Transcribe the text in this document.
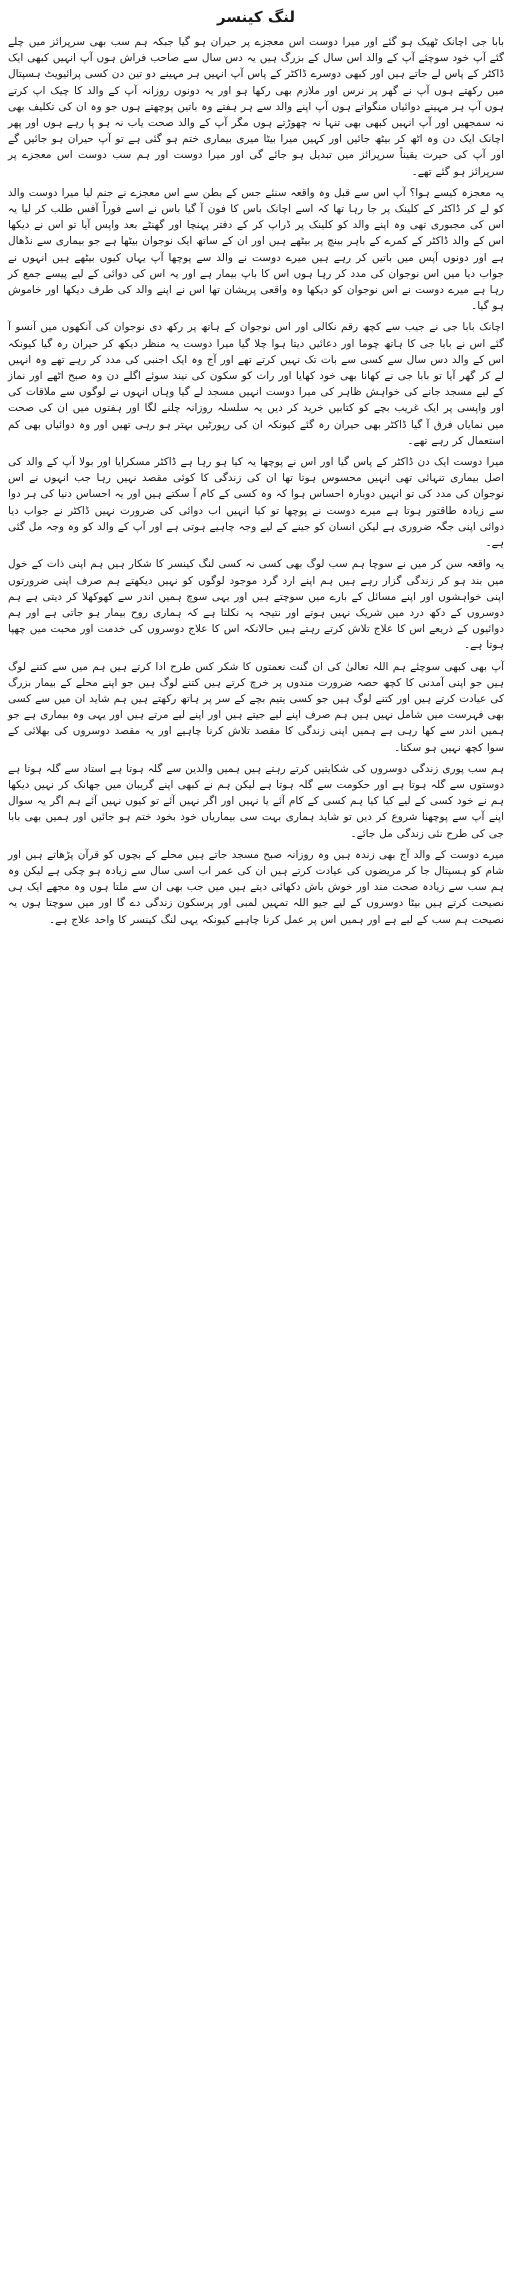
لنگ کینسر

بابا جی اچانک ٹھیک ہو گئے اور میرا دوست اس معجزے پر حیران ہو گیا جبکہ ہم سب بھی سرپرائز میں چلے گئے آپ خود سوچئے آپ کے والد اس سال کے بزرگ ہیں یہ دس سال سے صاحب فراش ہوں آپ انہیں کبھی ایک ڈاکٹر کے پاس لے جاتے ہیں اور کبھی دوسرے ڈاکٹر کے پاس آپ انہیں ہر مہینے دو تین دن کسی پرائیویٹ ہسپتال میں رکھتے ہوں آپ نے گھر پر نرس اور ملازم بھی رکھا ہو اور یہ دونوں روزانہ آپ کے والد کا چیک اپ کرتے ہوں آپ ہر مہینے دوائیاں منگواتے ہوں آپ اپنے والد سے ہر ہفتے وہ باتیں پوچھتے ہوں جو وہ ان کی تکلیف بھی نہ سمجھیں اور آپ انہیں کبھی بھی تنہا نہ چھوڑتے ہوں مگر آپ کے والد صحت یاب نہ ہو پا رہے ہوں اور پھر اچانک ایک دن وہ اٹھ کر بیٹھ جائیں اور کہیں میرا بیٹا میری بیماری ختم ہو گئی ہے تو آپ حیران ہو جائیں گے اور آپ کی حیرت یقیناً سرپرائز میں تبدیل ہو جائے گی اور میرا دوست اور ہم سب دوست اس معجزے پر سرپرائز ہو گئے تھے۔

یہ معجزہ کیسے ہوا؟ آپ اس سے قبل وہ واقعہ سنئے جس کے بطن سے اس معجزے نے جنم لیا میرا دوست والد کو لے کر ڈاکٹر کے کلینک پر جا رہا تھا کہ اسے اچانک باس کا فون آ گیا باس نے اسے فوراً آفس طلب کر لیا یہ اس کی مجبوری تھی وہ اپنے والد کو کلینک پر ڈراپ کر کے دفتر پہنچا اور گھنٹے بعد واپس آیا تو اس نے دیکھا اس کے والد ڈاکٹر کے کمرے کے باہر بینچ پر بیٹھے ہیں اور ان کے ساتھ ایک نوجوان بیٹھا ہے جو بیماری سے نڈھال ہے اور دونوں آپس میں باتیں کر رہے ہیں میرے دوست نے والد سے پوچھا آپ یہاں کیوں بیٹھے ہیں انہوں نے جواب دیا میں اس نوجوان کی مدد کر رہا ہوں اس کا باپ بیمار ہے اور یہ اس کی دوائی کے لیے پیسے جمع کر رہا ہے میرے دوست نے اس نوجوان کو دیکھا وہ واقعی پریشان تھا اس نے اپنے والد کی طرف دیکھا اور خاموش ہو گیا۔

اچانک بابا جی نے جیب سے کچھ رقم نکالی اور اس نوجوان کے ہاتھ پر رکھ دی نوجوان کی آنکھوں میں آنسو آ گئے اس نے بابا جی کا ہاتھ چوما اور دعائیں دیتا ہوا چلا گیا میرا دوست یہ منظر دیکھ کر حیران رہ گیا کیونکہ اس کے والد دس سال سے کسی سے بات تک نہیں کرتے تھے اور آج وہ ایک اجنبی کی مدد کر رہے تھے وہ انہیں لے کر گھر آیا تو بابا جی نے کھانا بھی خود کھایا اور رات کو سکون کی نیند سوئے اگلے دن وہ صبح اٹھے اور نماز کے لیے مسجد جانے کی خواہش ظاہر کی میرا دوست انہیں مسجد لے گیا وہاں انہوں نے لوگوں سے ملاقات کی اور واپسی پر ایک غریب بچے کو کتابیں خرید کر دیں یہ سلسلہ روزانہ چلنے لگا اور ہفتوں میں ان کی صحت میں نمایاں فرق آ گیا ڈاکٹر بھی حیران رہ گئے کیونکہ ان کی رپورٹیں بہتر ہو رہی تھیں اور وہ دوائیاں بھی کم استعمال کر رہے تھے۔

میرا دوست ایک دن ڈاکٹر کے پاس گیا اور اس نے پوچھا یہ کیا ہو رہا ہے ڈاکٹر مسکرایا اور بولا آپ کے والد کی اصل بیماری تنہائی تھی انہیں محسوس ہوتا تھا ان کی زندگی کا کوئی مقصد نہیں رہا جب انہوں نے اس نوجوان کی مدد کی تو انہیں دوبارہ احساس ہوا کہ وہ کسی کے کام آ سکتے ہیں اور یہ احساس دنیا کی ہر دوا سے زیادہ طاقتور ہوتا ہے میرے دوست نے پوچھا تو کیا انہیں اب دوائی کی ضرورت نہیں ڈاکٹر نے جواب دیا دوائی اپنی جگہ ضروری ہے لیکن انسان کو جینے کے لیے وجہ چاہیے ہوتی ہے اور آپ کے والد کو وہ وجہ مل گئی ہے۔

یہ واقعہ سن کر میں نے سوچا ہم سب لوگ بھی کسی نہ کسی لنگ کینسر کا شکار ہیں ہم اپنی ذات کے خول میں بند ہو کر زندگی گزار رہے ہیں ہم اپنے ارد گرد موجود لوگوں کو نہیں دیکھتے ہم صرف اپنی ضرورتوں اپنی خواہشوں اور اپنے مسائل کے بارے میں سوچتے ہیں اور یہی سوچ ہمیں اندر سے کھوکھلا کر دیتی ہے ہم دوسروں کے دکھ درد میں شریک نہیں ہوتے اور نتیجہ یہ نکلتا ہے کہ ہماری روح بیمار ہو جاتی ہے اور ہم دوائیوں کے ذریعے اس کا علاج تلاش کرتے رہتے ہیں حالانکہ اس کا علاج دوسروں کی خدمت اور محبت میں چھپا ہوتا ہے۔

آپ بھی کبھی سوچئے ہم اللہ تعالیٰ کی ان گنت نعمتوں کا شکر کس طرح ادا کرتے ہیں ہم میں سے کتنے لوگ ہیں جو اپنی آمدنی کا کچھ حصہ ضرورت مندوں پر خرچ کرتے ہیں کتنے لوگ ہیں جو اپنے محلے کے بیمار بزرگ کی عیادت کرتے ہیں اور کتنے لوگ ہیں جو کسی یتیم بچے کے سر پر ہاتھ رکھتے ہیں ہم شاید ان میں سے کسی بھی فہرست میں شامل نہیں ہیں ہم صرف اپنے لیے جیتے ہیں اور اپنے لیے مرتے ہیں اور یہی وہ بیماری ہے جو ہمیں اندر سے کھا رہی ہے ہمیں اپنی زندگی کا مقصد تلاش کرنا چاہیے اور یہ مقصد دوسروں کی بھلائی کے سوا کچھ نہیں ہو سکتا۔

ہم سب پوری زندگی دوسروں کی شکایتیں کرتے رہتے ہیں ہمیں والدین سے گلہ ہوتا ہے استاد سے گلہ ہوتا ہے دوستوں سے گلہ ہوتا ہے اور حکومت سے گلہ ہوتا ہے لیکن ہم نے کبھی اپنے گریبان میں جھانک کر نہیں دیکھا ہم نے خود کسی کے لیے کیا کیا ہم کسی کے کام آئے یا نہیں اور اگر نہیں آئے تو کیوں نہیں آئے ہم اگر یہ سوال اپنے آپ سے پوچھنا شروع کر دیں تو شاید ہماری بہت سی بیماریاں خود بخود ختم ہو جائیں اور ہمیں بھی بابا جی کی طرح نئی زندگی مل جائے۔

میرے دوست کے والد آج بھی زندہ ہیں وہ روزانہ صبح مسجد جاتے ہیں محلے کے بچوں کو قرآن پڑھاتے ہیں اور شام کو ہسپتال جا کر مریضوں کی عیادت کرتے ہیں ان کی عمر اب اسی سال سے زیادہ ہو چکی ہے لیکن وہ ہم سب سے زیادہ صحت مند اور خوش باش دکھائی دیتے ہیں میں جب بھی ان سے ملتا ہوں وہ مجھے ایک ہی نصیحت کرتے ہیں بیٹا دوسروں کے لیے جیو اللہ تمہیں لمبی اور پرسکون زندگی دے گا اور میں سوچتا ہوں یہ نصیحت ہم سب کے لیے ہے اور ہمیں اس پر عمل کرنا چاہیے کیونکہ یہی لنگ کینسر کا واحد علاج ہے۔
